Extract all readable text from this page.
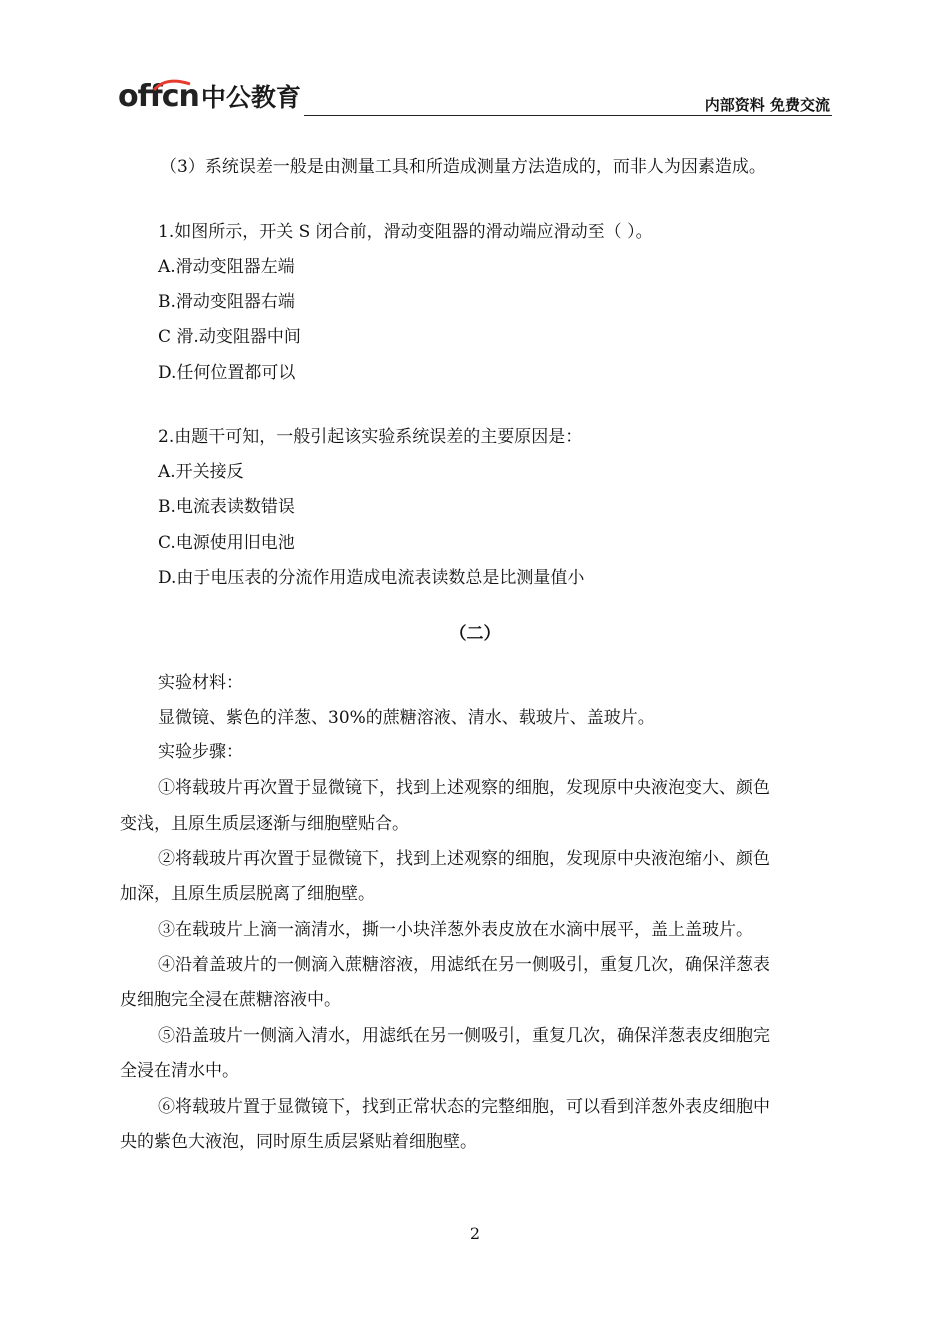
offcn中公教育	内部资料 免费交流
（3）系统误差一般是由测量工具和所造成测量方法造成的，而非人为因素造成。
1.如图所示，开关 S 闭合前，滑动变阻器的滑动端应滑动至（ ）。
A.滑动变阻器左端
B.滑动变阻器右端
C 滑.动变阻器中间
D.任何位置都可以
2.由题干可知，一般引起该实验系统误差的主要原因是：
A.开关接反
B.电流表读数错误
C.电源使用旧电池
D.由于电压表的分流作用造成电流表读数总是比测量值小
（二）
实验材料：
显微镜、紫色的洋葱、30%的蔗糖溶液、清水、载玻片、盖玻片。
实验步骤：
①将载玻片再次置于显微镜下，找到上述观察的细胞，发现原中央液泡变大、颜色
变浅，且原生质层逐渐与细胞壁贴合。
②将载玻片再次置于显微镜下，找到上述观察的细胞，发现原中央液泡缩小、颜色
加深，且原生质层脱离了细胞壁。
③在载玻片上滴一滴清水，撕一小块洋葱外表皮放在水滴中展平，盖上盖玻片。
④沿着盖玻片的一侧滴入蔗糖溶液，用滤纸在另一侧吸引，重复几次，确保洋葱表
皮细胞完全浸在蔗糖溶液中。
⑤沿盖玻片一侧滴入清水，用滤纸在另一侧吸引，重复几次，确保洋葱表皮细胞完
全浸在清水中。
⑥将载玻片置于显微镜下，找到正常状态的完整细胞，可以看到洋葱外表皮细胞中
央的紫色大液泡，同时原生质层紧贴着细胞壁。
2
